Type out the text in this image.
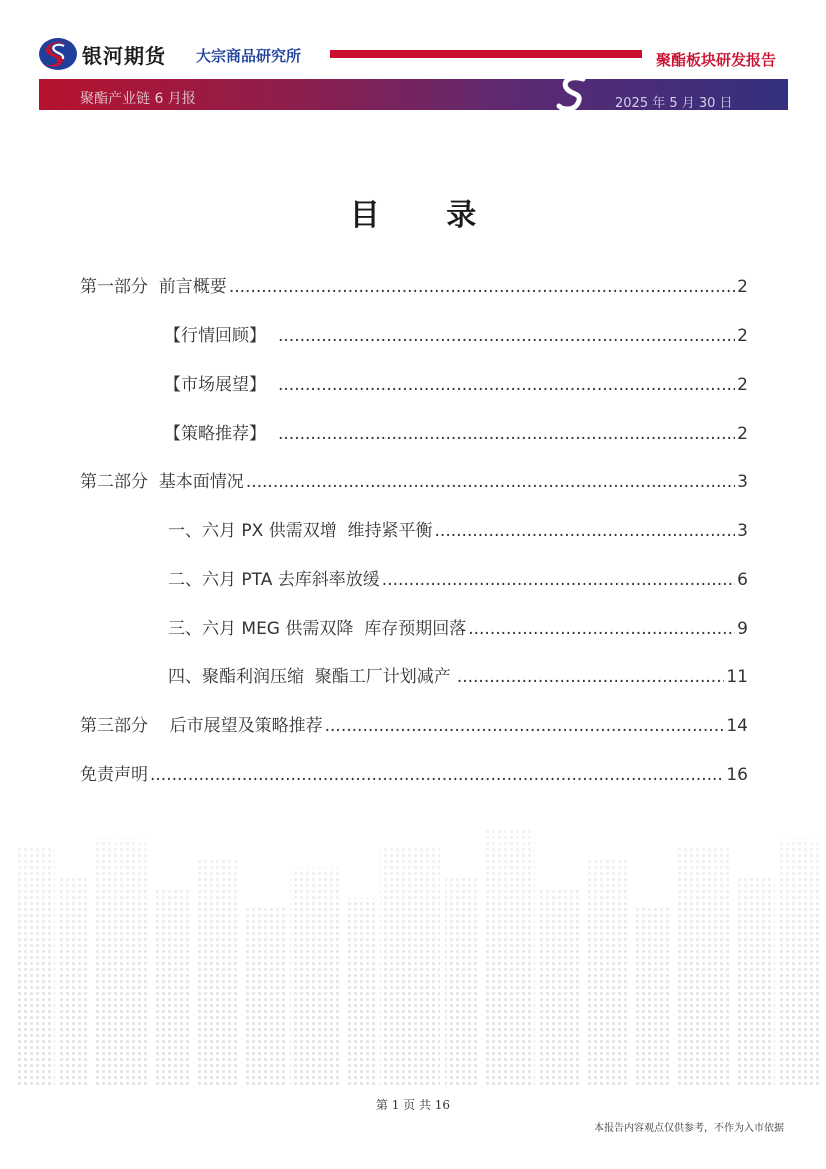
银河期货 大宗商品研究所	聚酯板块研发报告
聚酯产业链 6 月报	2025 年 5 月 30 日
目 录
第一部分  前言概要 .....	2
【行情回顾】 .....	2
【市场展望】 .....	2
【策略推荐】 .....	2
第二部分  基本面情况 .....	3
一、六月 PX 供需双增  维持紧平衡 .....	3
二、六月 PTA 去库斜率放缓 .....	6
三、六月 MEG 供需双降  库存预期回落 .....	9
四、聚酯利润压缩  聚酯工厂计划减产 .....	11
第三部分    后市展望及策略推荐 .....	14
免责声明 .....	16
第 1 页 共 16
本报告内容观点仅供参考，不作为入市依据
